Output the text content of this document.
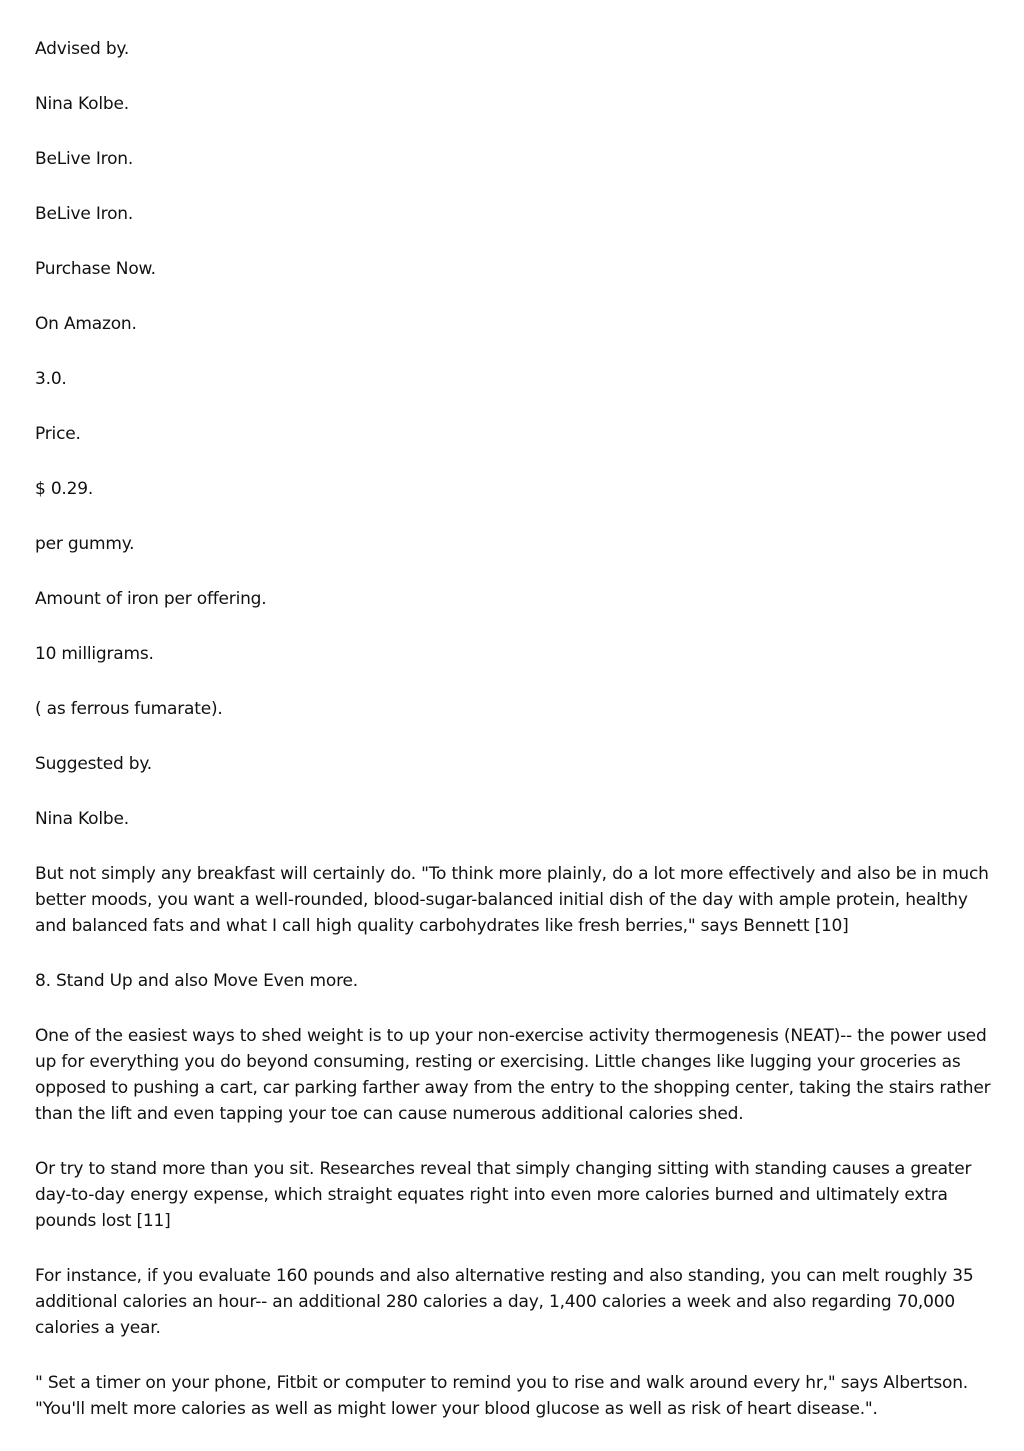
Advised by.

Nina Kolbe.

BeLive Iron.

BeLive Iron.

Purchase Now.

On Amazon.

3.0.

Price.

$ 0.29.

per gummy.

Amount of iron per offering.

10 milligrams.

( as ferrous fumarate).

Suggested by.

Nina Kolbe.

But not simply any breakfast will certainly do. "To think more plainly, do a lot more effectively and also be in much better moods, you want a well-rounded, blood-sugar-balanced initial dish of the day with ample protein, healthy and balanced fats and what I call high quality carbohydrates like fresh berries," says Bennett [10]

8. Stand Up and also Move Even more.

One of the easiest ways to shed weight is to up your non-exercise activity thermogenesis (NEAT)-- the power used up for everything you do beyond consuming, resting or exercising. Little changes like lugging your groceries as opposed to pushing a cart, car parking farther away from the entry to the shopping center, taking the stairs rather than the lift and even tapping your toe can cause numerous additional calories shed.

Or try to stand more than you sit. Researches reveal that simply changing sitting with standing causes a greater day-to-day energy expense, which straight equates right into even more calories burned and ultimately extra pounds lost [11]

For instance, if you evaluate 160 pounds and also alternative resting and also standing, you can melt roughly 35 additional calories an hour-- an additional 280 calories a day, 1,400 calories a week and also regarding 70,000 calories a year.

" Set a timer on your phone, Fitbit or computer to remind you to rise and walk around every hr," says Albertson. "You'll melt more calories as well as might lower your blood glucose as well as risk of heart disease.".
